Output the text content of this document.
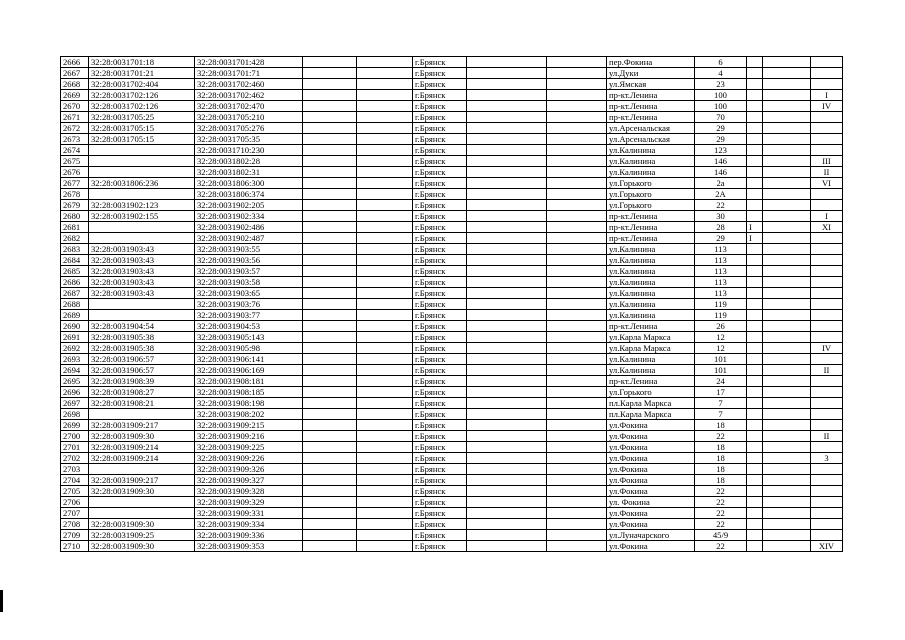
2666	32:28:0031701:18	32:28:0031701:428			г.Брянск			пер.Фокина	6			
2667	32:28:0031701:21	32:28:0031701:71			г.Брянск			ул.Дуки	4			
2668	32:28:0031702:404	32:28:0031702:460			г.Брянск			ул.Ямская	23			
2669	32:28:0031702:126	32:28:0031702:462			г.Брянск			пр-кт.Ленина	100			I
2670	32:28:0031702:126	32:28:0031702:470			г.Брянск			пр-кт.Ленина	100			IV
2671	32:28:0031705:25	32:28:0031705:210			г.Брянск			пр-кт.Ленина	70			
2672	32:28:0031705:15	32:28:0031705:276			г.Брянск			ул.Арсенальская	29			
2673	32:28:0031705:15	32:28:0031705:35			г.Брянск			ул.Арсенальская	29			
2674		32:28:0031710:230			г.Брянск			ул.Калинина	123			
2675		32:28:0031802:28			г.Брянск			ул.Калинина	146			III
2676		32:28:0031802:31			г.Брянск			ул.Калинина	146			II
2677	32:28:0031806:236	32:28:0031806:300			г.Брянск			ул.Горького	2а			VI
2678		32:28:0031806:374			г.Брянск			ул.Горького	2А			
2679	32:28:0031902:123	32:28:0031902:205			г.Брянск			ул.Горького	22			
2680	32:28:0031902:155	32:28:0031902:334			г.Брянск			пр-кт.Ленина	30			I
2681		32:28:0031902:486			г.Брянск			пр-кт.Ленина	28	I		XI
2682		32:28:0031902:487			г.Брянск			пр-кт.Ленина	29	I		
2683	32:28:0031903:43	32:28:0031903:55			г.Брянск			ул.Калинина	113			
2684	32:28:0031903:43	32:28:0031903:56			г.Брянск			ул.Калинина	113			
2685	32:28:0031903:43	32:28:0031903:57			г.Брянск			ул.Калинина	113			
2686	32:28:0031903:43	32:28:0031903:58			г.Брянск			ул.Калинина	113			
2687	32:28:0031903:43	32:28:0031903:65			г.Брянск			ул.Калинина	113			
2688		32:28:0031903:76			г.Брянск			ул.Калинина	119			
2689		32:28:0031903:77			г.Брянск			ул.Калинина	119			
2690	32:28:0031904:54	32:28:0031904:53			г.Брянск			пр-кт.Ленина	26			
2691	32:28:0031905:38	32:28:0031905:143			г.Брянск			ул.Карла Маркса	12			
2692	32:28:0031905:38	32:28:0031905:98			г.Брянск			ул.Карла Маркса	12			IV
2693	32:28:0031906:57	32:28:0031906:141			г.Брянск			ул.Калинина	101			
2694	32:28:0031906:57	32:28:0031906:169			г.Брянск			ул.Калинина	101			II
2695	32:28:0031908:39	32:28:0031908:181			г.Брянск			пр-кт.Ленина	24			
2696	32:28:0031908:27	32:28:0031908:185			г.Брянск			ул.Горького	17			
2697	32:28:0031908:21	32:28:0031908:198			г.Брянск			пл.Карла Маркса	7			
2698		32:28:0031908:202			г.Брянск			пл.Карла Маркса	7			
2699	32:28:0031909:217	32:28:0031909:215			г.Брянск			ул.Фокина	18			
2700	32:28:0031909:30	32:28:0031909:216			г.Брянск			ул.Фокина	22			II
2701	32:28:0031909:214	32:28:0031909:225			г.Брянск			ул.Фокина	18			
2702	32:28:0031909:214	32:28:0031909:226			г.Брянск			ул.Фокина	18			3
2703		32:28:0031909:326			г.Брянск			ул.Фокина	18			
2704	32:28:0031909:217	32:28:0031909:327			г.Брянск			ул.Фокина	18			
2705	32:28:0031909:30	32:28:0031909:328			г.Брянск			ул.Фокина	22			
2706		32:28:0031909:329			г.Брянск			ул. Фокина	22			
2707		32:28:0031909:331			г.Брянск			ул.Фокина	22			
2708	32:28:0031909:30	32:28:0031909:334			г.Брянск			ул.Фокина	22			
2709	32:28:0031909:25	32:28:0031909:336			г.Брянск			ул.Луначарского	45/9			
2710	32:28:0031909:30	32:28:0031909:353			г.Брянск			ул.Фокина	22			XIV
